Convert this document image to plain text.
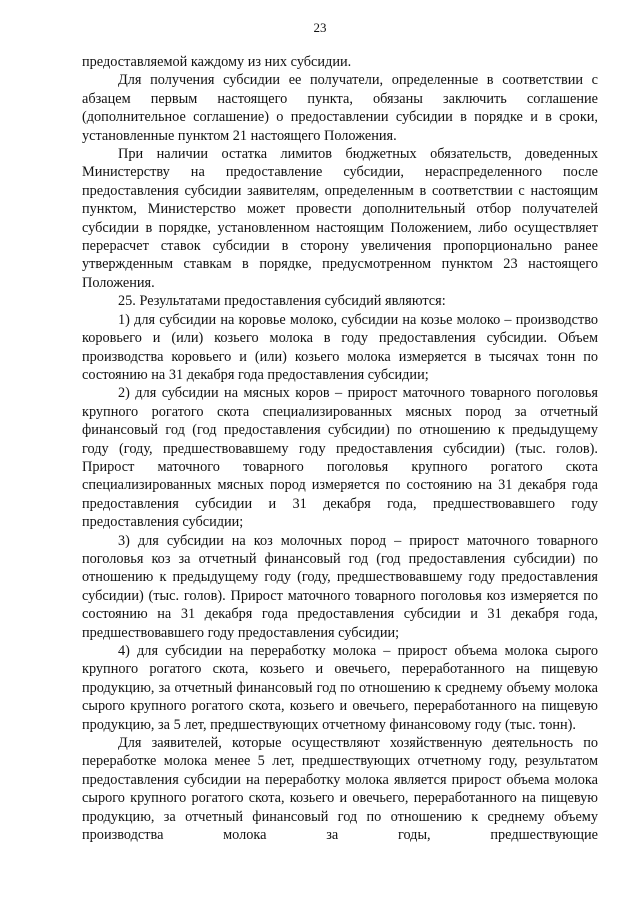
23

предоставляемой каждому из них субсидии.

Для получения субсидии ее получатели, определенные в соответствии с абзацем первым настоящего пункта, обязаны заключить соглашение (дополнительное соглашение) о предоставлении субсидии в порядке и в сроки, установленные пунктом 21 настоящего Положения.

При наличии остатка лимитов бюджетных обязательств, доведенных Министерству на предоставление субсидии, нераспределенного после предоставления субсидии заявителям, определенным в соответствии с настоящим пунктом, Министерство может провести дополнительный отбор получателей субсидии в порядке, установленном настоящим Положением, либо осуществляет перерасчет ставок субсидии в сторону увеличения пропорционально ранее утвержденным ставкам в порядке, предусмотренном пунктом 23 настоящего Положения.

25. Результатами предоставления субсидий являются:

1) для субсидии на коровье молоко, субсидии на козье молоко – производство коровьего и (или) козьего молока в году предоставления субсидии. Объем производства коровьего и (или) козьего молока измеряется в тысячах тонн по состоянию на 31 декабря года предоставления субсидии;

2) для субсидии на мясных коров – прирост маточного товарного поголовья крупного рогатого скота специализированных мясных пород за отчетный финансовый год (год предоставления субсидии) по отношению к предыдущему году (году, предшествовавшему году предоставления субсидии) (тыс. голов). Прирост маточного товарного поголовья крупного рогатого скота специализированных мясных пород измеряется по состоянию на 31 декабря года предоставления субсидии и 31 декабря года, предшествовавшего году предоставления субсидии;

3) для субсидии на коз молочных пород – прирост маточного товарного поголовья коз за отчетный финансовый год (год предоставления субсидии) по отношению к предыдущему году (году, предшествовавшему году предоставления субсидии) (тыс. голов). Прирост маточного товарного поголовья коз измеряется по состоянию на 31 декабря года предоставления субсидии и 31 декабря года, предшествовавшего году предоставления субсидии;

4) для субсидии на переработку молока – прирост объема молока сырого крупного рогатого скота, козьего и овечьего, переработанного на пищевую продукцию, за отчетный финансовый год по отношению к среднему объему молока сырого крупного рогатого скота, козьего и овечьего, переработанного на пищевую продукцию, за 5 лет, предшествующих отчетному финансовому году (тыс. тонн).

Для заявителей, которые осуществляют хозяйственную деятельность по переработке молока менее 5 лет, предшествующих отчетному году, результатом предоставления субсидии на переработку молока является прирост объема молока сырого крупного рогатого скота, козьего и овечьего, переработанного на пищевую продукцию, за отчетный финансовый год по отношению к среднему объему производства молока за годы, предшествующие
